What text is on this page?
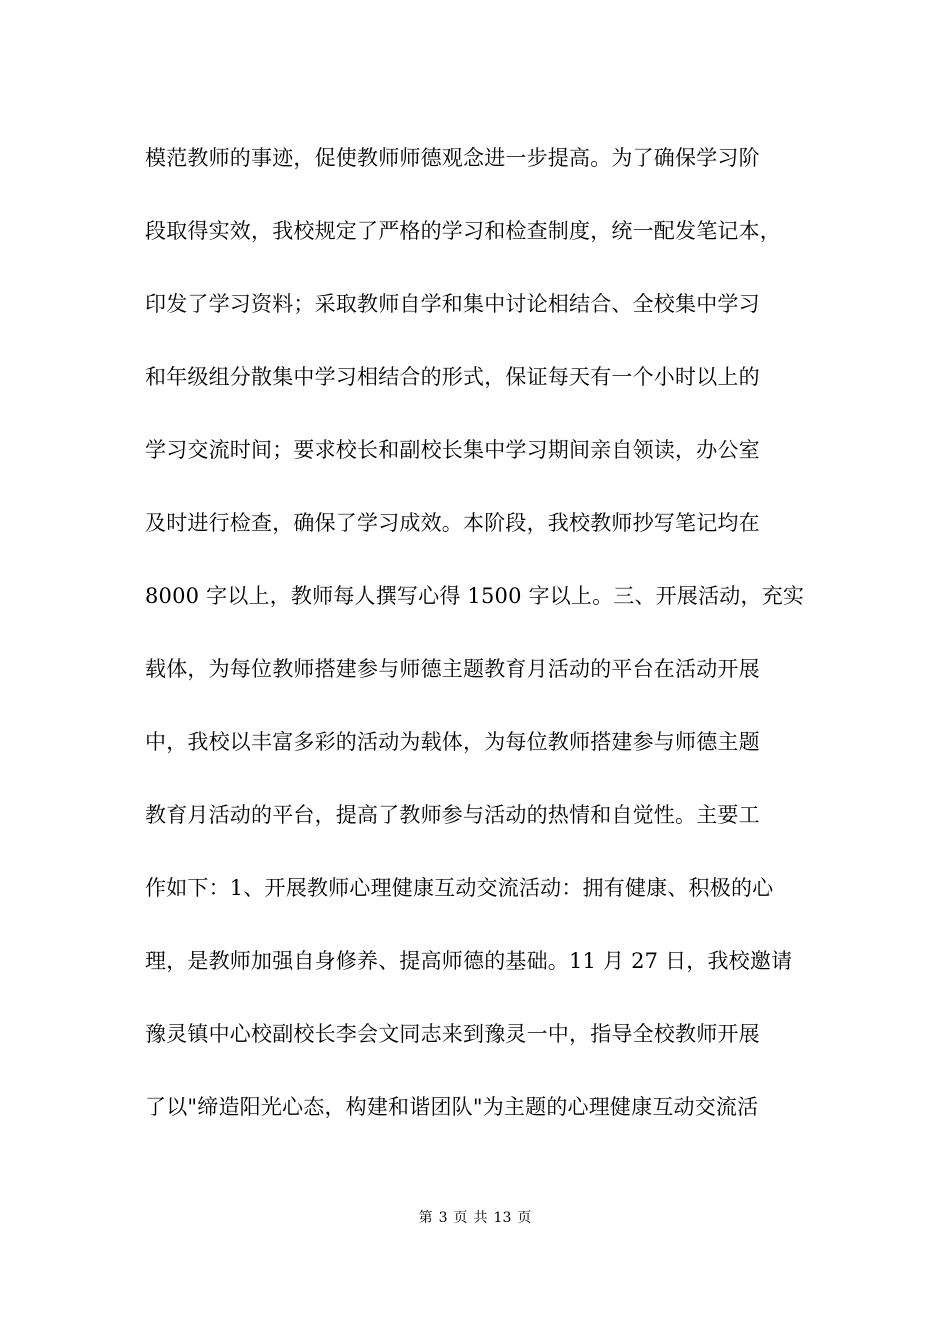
模范教师的事迹，促使教师师德观念进一步提高。为了确保学习阶
段取得实效，我校规定了严格的学习和检查制度，统一配发笔记本，
印发了学习资料；采取教师自学和集中讨论相结合、全校集中学习
和年级组分散集中学习相结合的形式，保证每天有一个小时以上的
学习交流时间；要求校长和副校长集中学习期间亲自领读，办公室
及时进行检查，确保了学习成效。本阶段，我校教师抄写笔记均在
8000 字以上，教师每人撰写心得 1500 字以上。三、开展活动，充实
载体，为每位教师搭建参与师德主题教育月活动的平台在活动开展
中，我校以丰富多彩的活动为载体，为每位教师搭建参与师德主题
教育月活动的平台，提高了教师参与活动的热情和自觉性。主要工
作如下：1、开展教师心理健康互动交流活动：拥有健康、积极的心
理，是教师加强自身修养、提高师德的基础。11 月 27 日，我校邀请
豫灵镇中心校副校长李会文同志来到豫灵一中，指导全校教师开展
了以"缔造阳光心态，构建和谐团队"为主题的心理健康互动交流活
第 3 页 共 13 页
